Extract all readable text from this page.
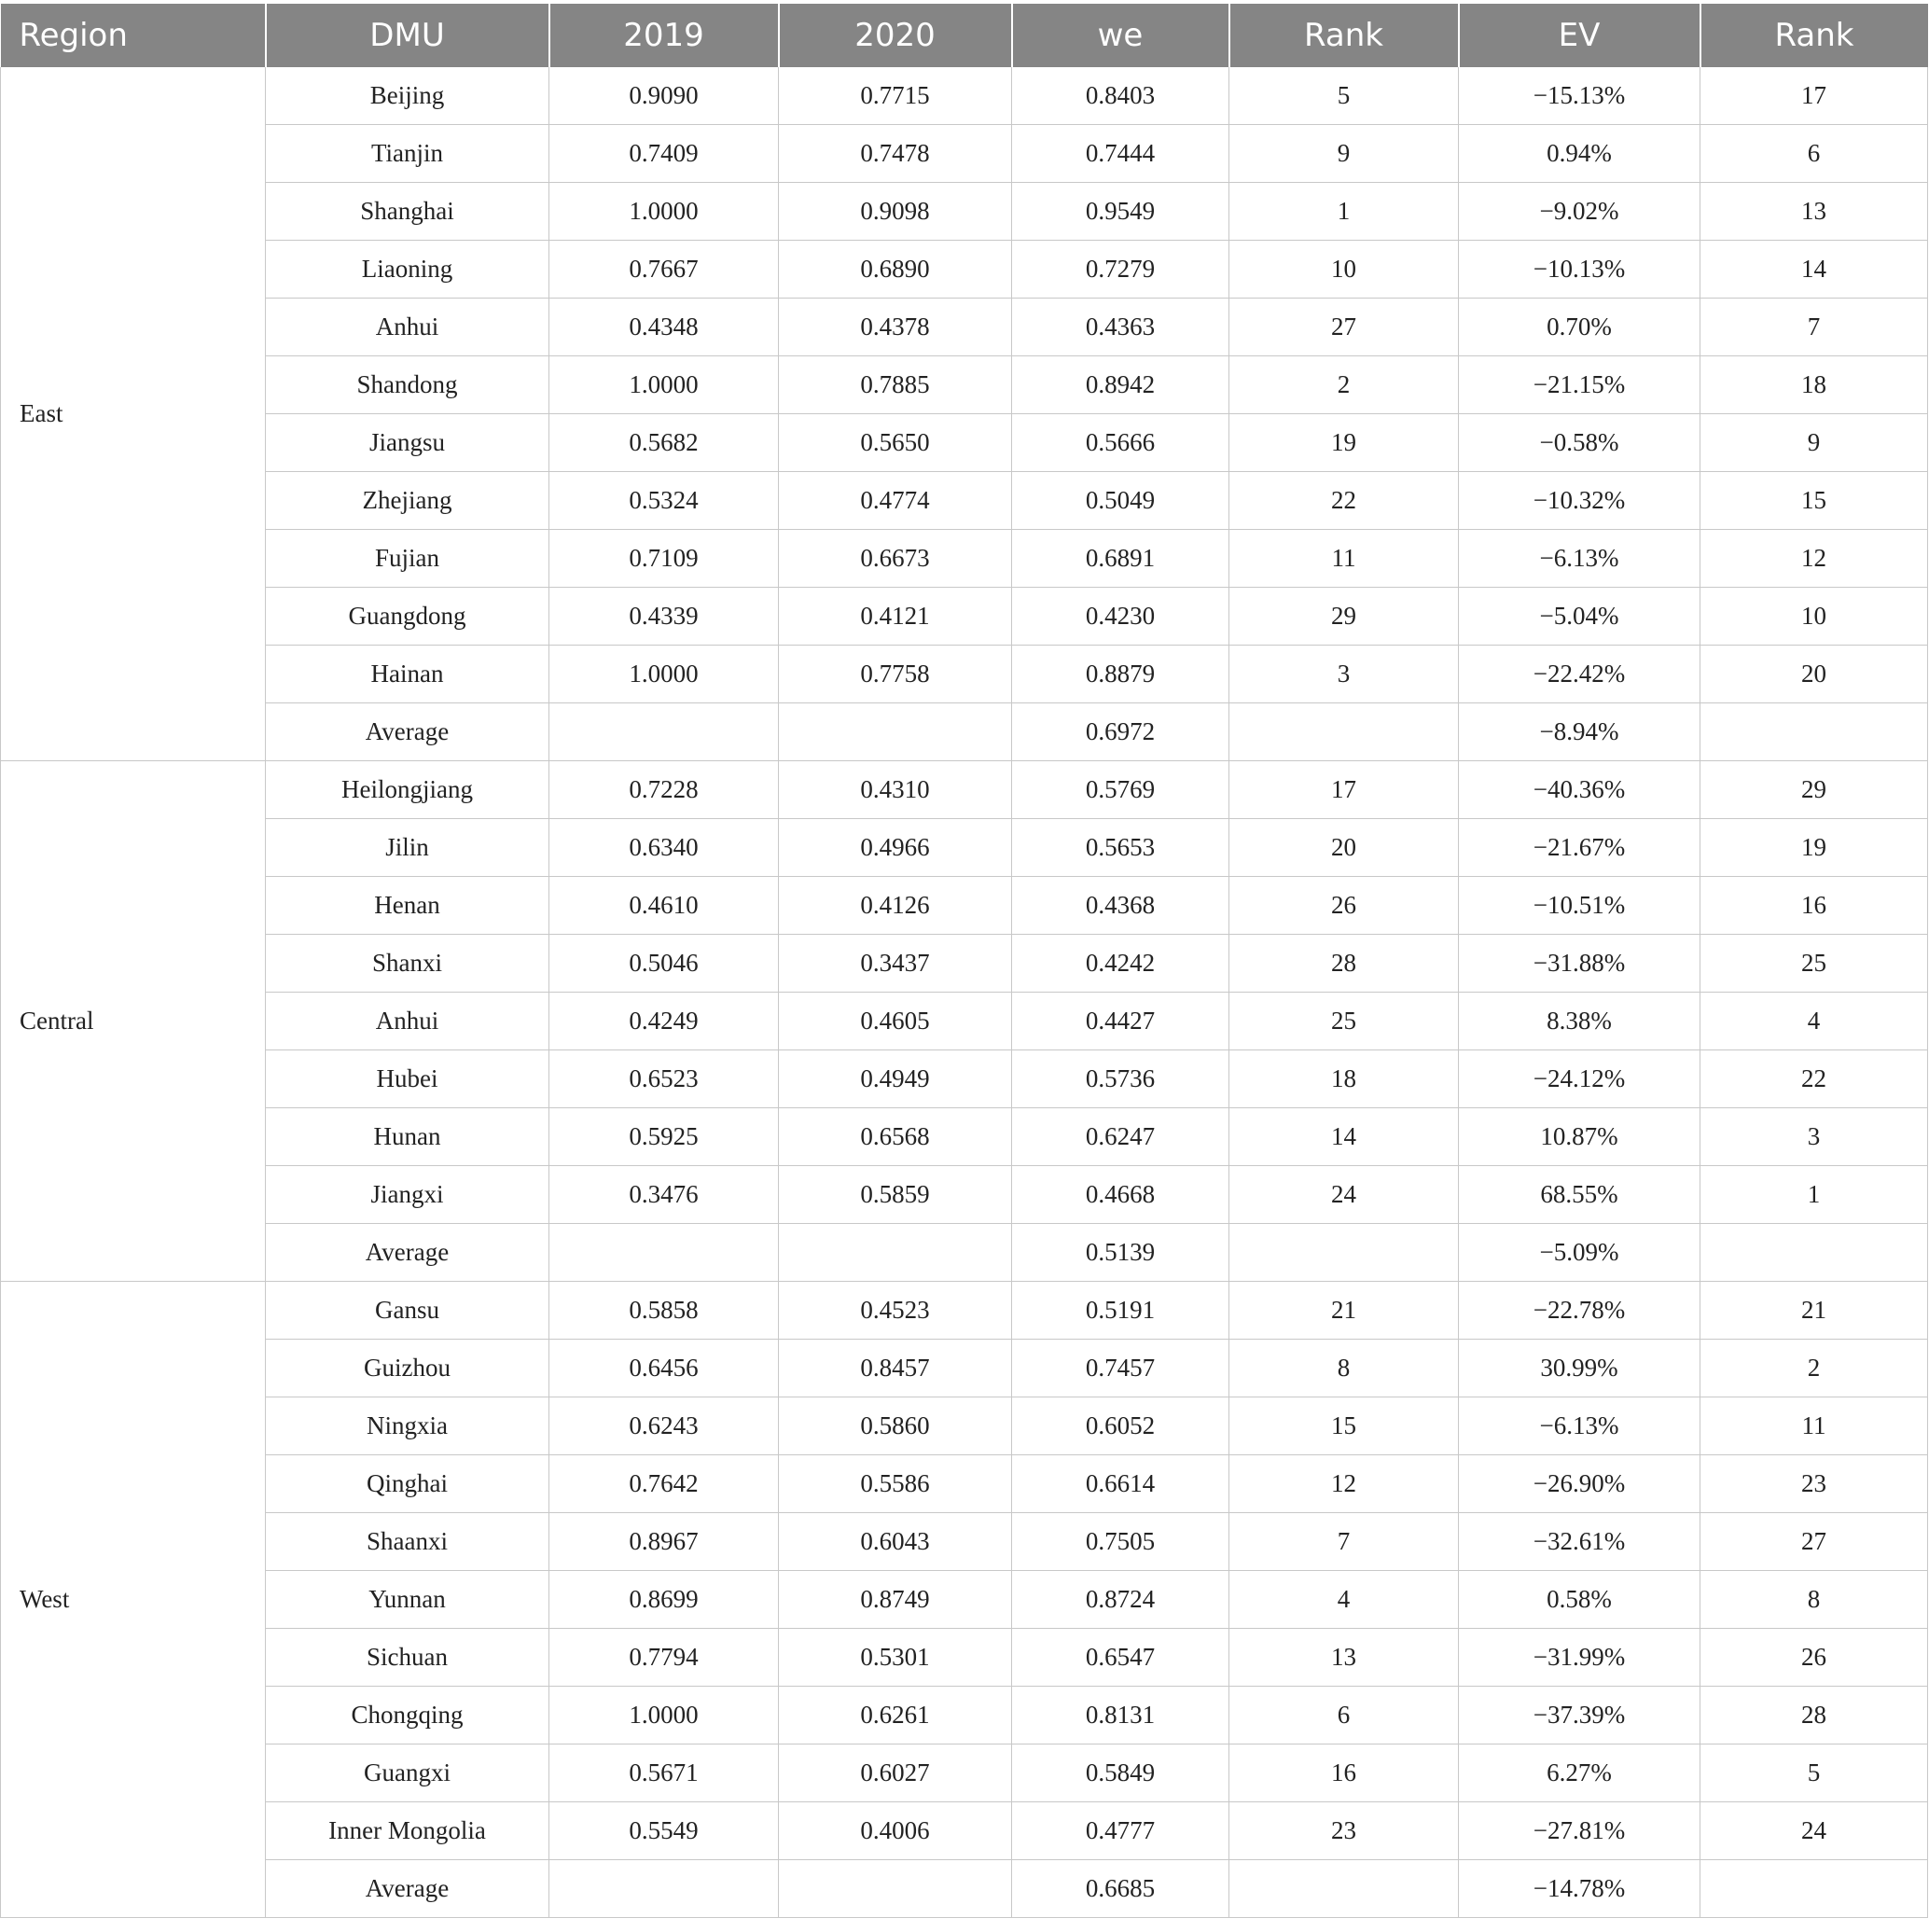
Region	DMU	2019	2020	we	Rank	EV	Rank
East	Beijing	0.9090	0.7715	0.8403	5	−15.13%	17
	Tianjin	0.7409	0.7478	0.7444	9	0.94%	6
	Shanghai	1.0000	0.9098	0.9549	1	−9.02%	13
	Liaoning	0.7667	0.6890	0.7279	10	−10.13%	14
	Anhui	0.4348	0.4378	0.4363	27	0.70%	7
	Shandong	1.0000	0.7885	0.8942	2	−21.15%	18
	Jiangsu	0.5682	0.5650	0.5666	19	−0.58%	9
	Zhejiang	0.5324	0.4774	0.5049	22	−10.32%	15
	Fujian	0.7109	0.6673	0.6891	11	−6.13%	12
	Guangdong	0.4339	0.4121	0.4230	29	−5.04%	10
	Hainan	1.0000	0.7758	0.8879	3	−22.42%	20
	Average			0.6972		−8.94%	
Central	Heilongjiang	0.7228	0.4310	0.5769	17	−40.36%	29
	Jilin	0.6340	0.4966	0.5653	20	−21.67%	19
	Henan	0.4610	0.4126	0.4368	26	−10.51%	16
	Shanxi	0.5046	0.3437	0.4242	28	−31.88%	25
	Anhui	0.4249	0.4605	0.4427	25	8.38%	4
	Hubei	0.6523	0.4949	0.5736	18	−24.12%	22
	Hunan	0.5925	0.6568	0.6247	14	10.87%	3
	Jiangxi	0.3476	0.5859	0.4668	24	68.55%	1
	Average			0.5139		−5.09%	
West	Gansu	0.5858	0.4523	0.5191	21	−22.78%	21
	Guizhou	0.6456	0.8457	0.7457	8	30.99%	2
	Ningxia	0.6243	0.5860	0.6052	15	−6.13%	11
	Qinghai	0.7642	0.5586	0.6614	12	−26.90%	23
	Shaanxi	0.8967	0.6043	0.7505	7	−32.61%	27
	Yunnan	0.8699	0.8749	0.8724	4	0.58%	8
	Sichuan	0.7794	0.5301	0.6547	13	−31.99%	26
	Chongqing	1.0000	0.6261	0.8131	6	−37.39%	28
	Guangxi	0.5671	0.6027	0.5849	16	6.27%	5
	Inner Mongolia	0.5549	0.4006	0.4777	23	−27.81%	24
	Average			0.6685		−14.78%	
